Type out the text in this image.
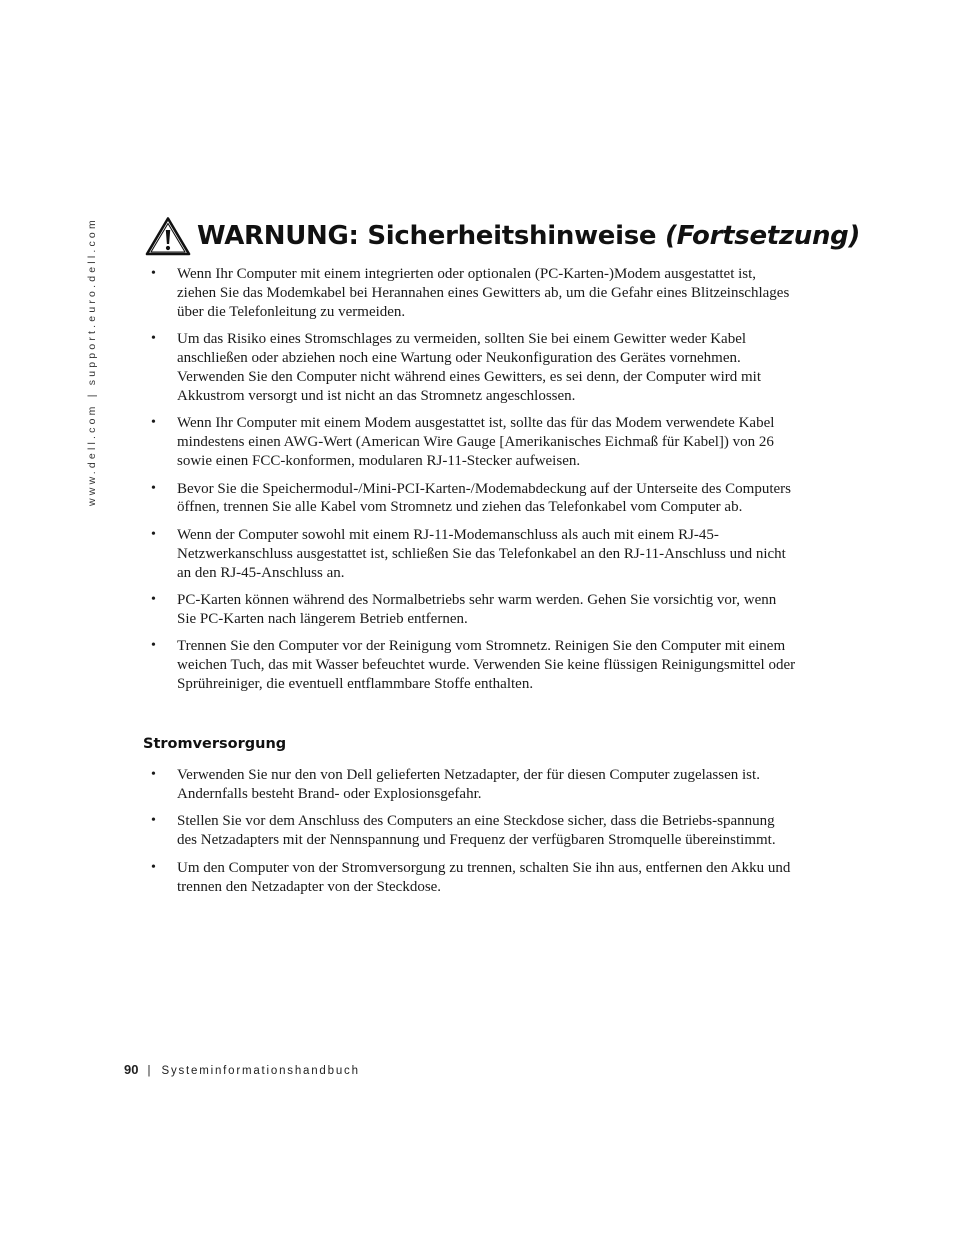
www.dell.com | support.euro.dell.com	WARNUNG: Sicherheitshinweise (Fortsetzung)
• Wenn Ihr Computer mit einem integrierten oder optionalen (PC-Karten-)Modem ausgestattet ist, ziehen Sie das Modemkabel bei Herannahen eines Gewitters ab, um die Gefahr eines Blitzeinschlages über die Telefonleitung zu vermeiden.
• Um das Risiko eines Stromschlages zu vermeiden, sollten Sie bei einem Gewitter weder Kabel anschließen oder abziehen noch eine Wartung oder Neukonfiguration des Gerätes vornehmen. Verwenden Sie den Computer nicht während eines Gewitters, es sei denn, der Computer wird mit Akkustrom versorgt und ist nicht an das Stromnetz angeschlossen.
• Wenn Ihr Computer mit einem Modem ausgestattet ist, sollte das für das Modem verwendete Kabel mindestens einen AWG-Wert (American Wire Gauge [Amerikanisches Eichmaß für Kabel]) von 26 sowie einen FCC-konformen, modularen RJ-11-Stecker aufweisen.
• Bevor Sie die Speichermodul-/Mini-PCI-Karten-/Modemabdeckung auf der Unterseite des Computers öffnen, trennen Sie alle Kabel vom Stromnetz und ziehen das Telefonkabel vom Computer ab.
• Wenn der Computer sowohl mit einem RJ-11-Modemanschluss als auch mit einem RJ-45-Netzwerkanschluss ausgestattet ist, schließen Sie das Telefonkabel an den RJ-11-Anschluss und nicht an den RJ-45-Anschluss an.
• PC-Karten können während des Normalbetriebs sehr warm werden. Gehen Sie vorsichtig vor, wenn Sie PC-Karten nach längerem Betrieb entfernen.
• Trennen Sie den Computer vor der Reinigung vom Stromnetz. Reinigen Sie den Computer mit einem weichen Tuch, das mit Wasser befeuchtet wurde. Verwenden Sie keine flüssigen Reinigungsmittel oder Sprühreiniger, die eventuell entflammbare Stoffe enthalten.
Stromversorgung
• Verwenden Sie nur den von Dell gelieferten Netzadapter, der für diesen Computer zugelassen ist. Andernfalls besteht Brand- oder Explosionsgefahr.
• Stellen Sie vor dem Anschluss des Computers an eine Steckdose sicher, dass die Betriebs-spannung des Netzadapters mit der Nennspannung und Frequenz der verfügbaren Stromquelle übereinstimmt.
• Um den Computer von der Stromversorgung zu trennen, schalten Sie ihn aus, entfernen den Akku und trennen den Netzadapter von der Steckdose.
90 | Systeminformationshandbuch
